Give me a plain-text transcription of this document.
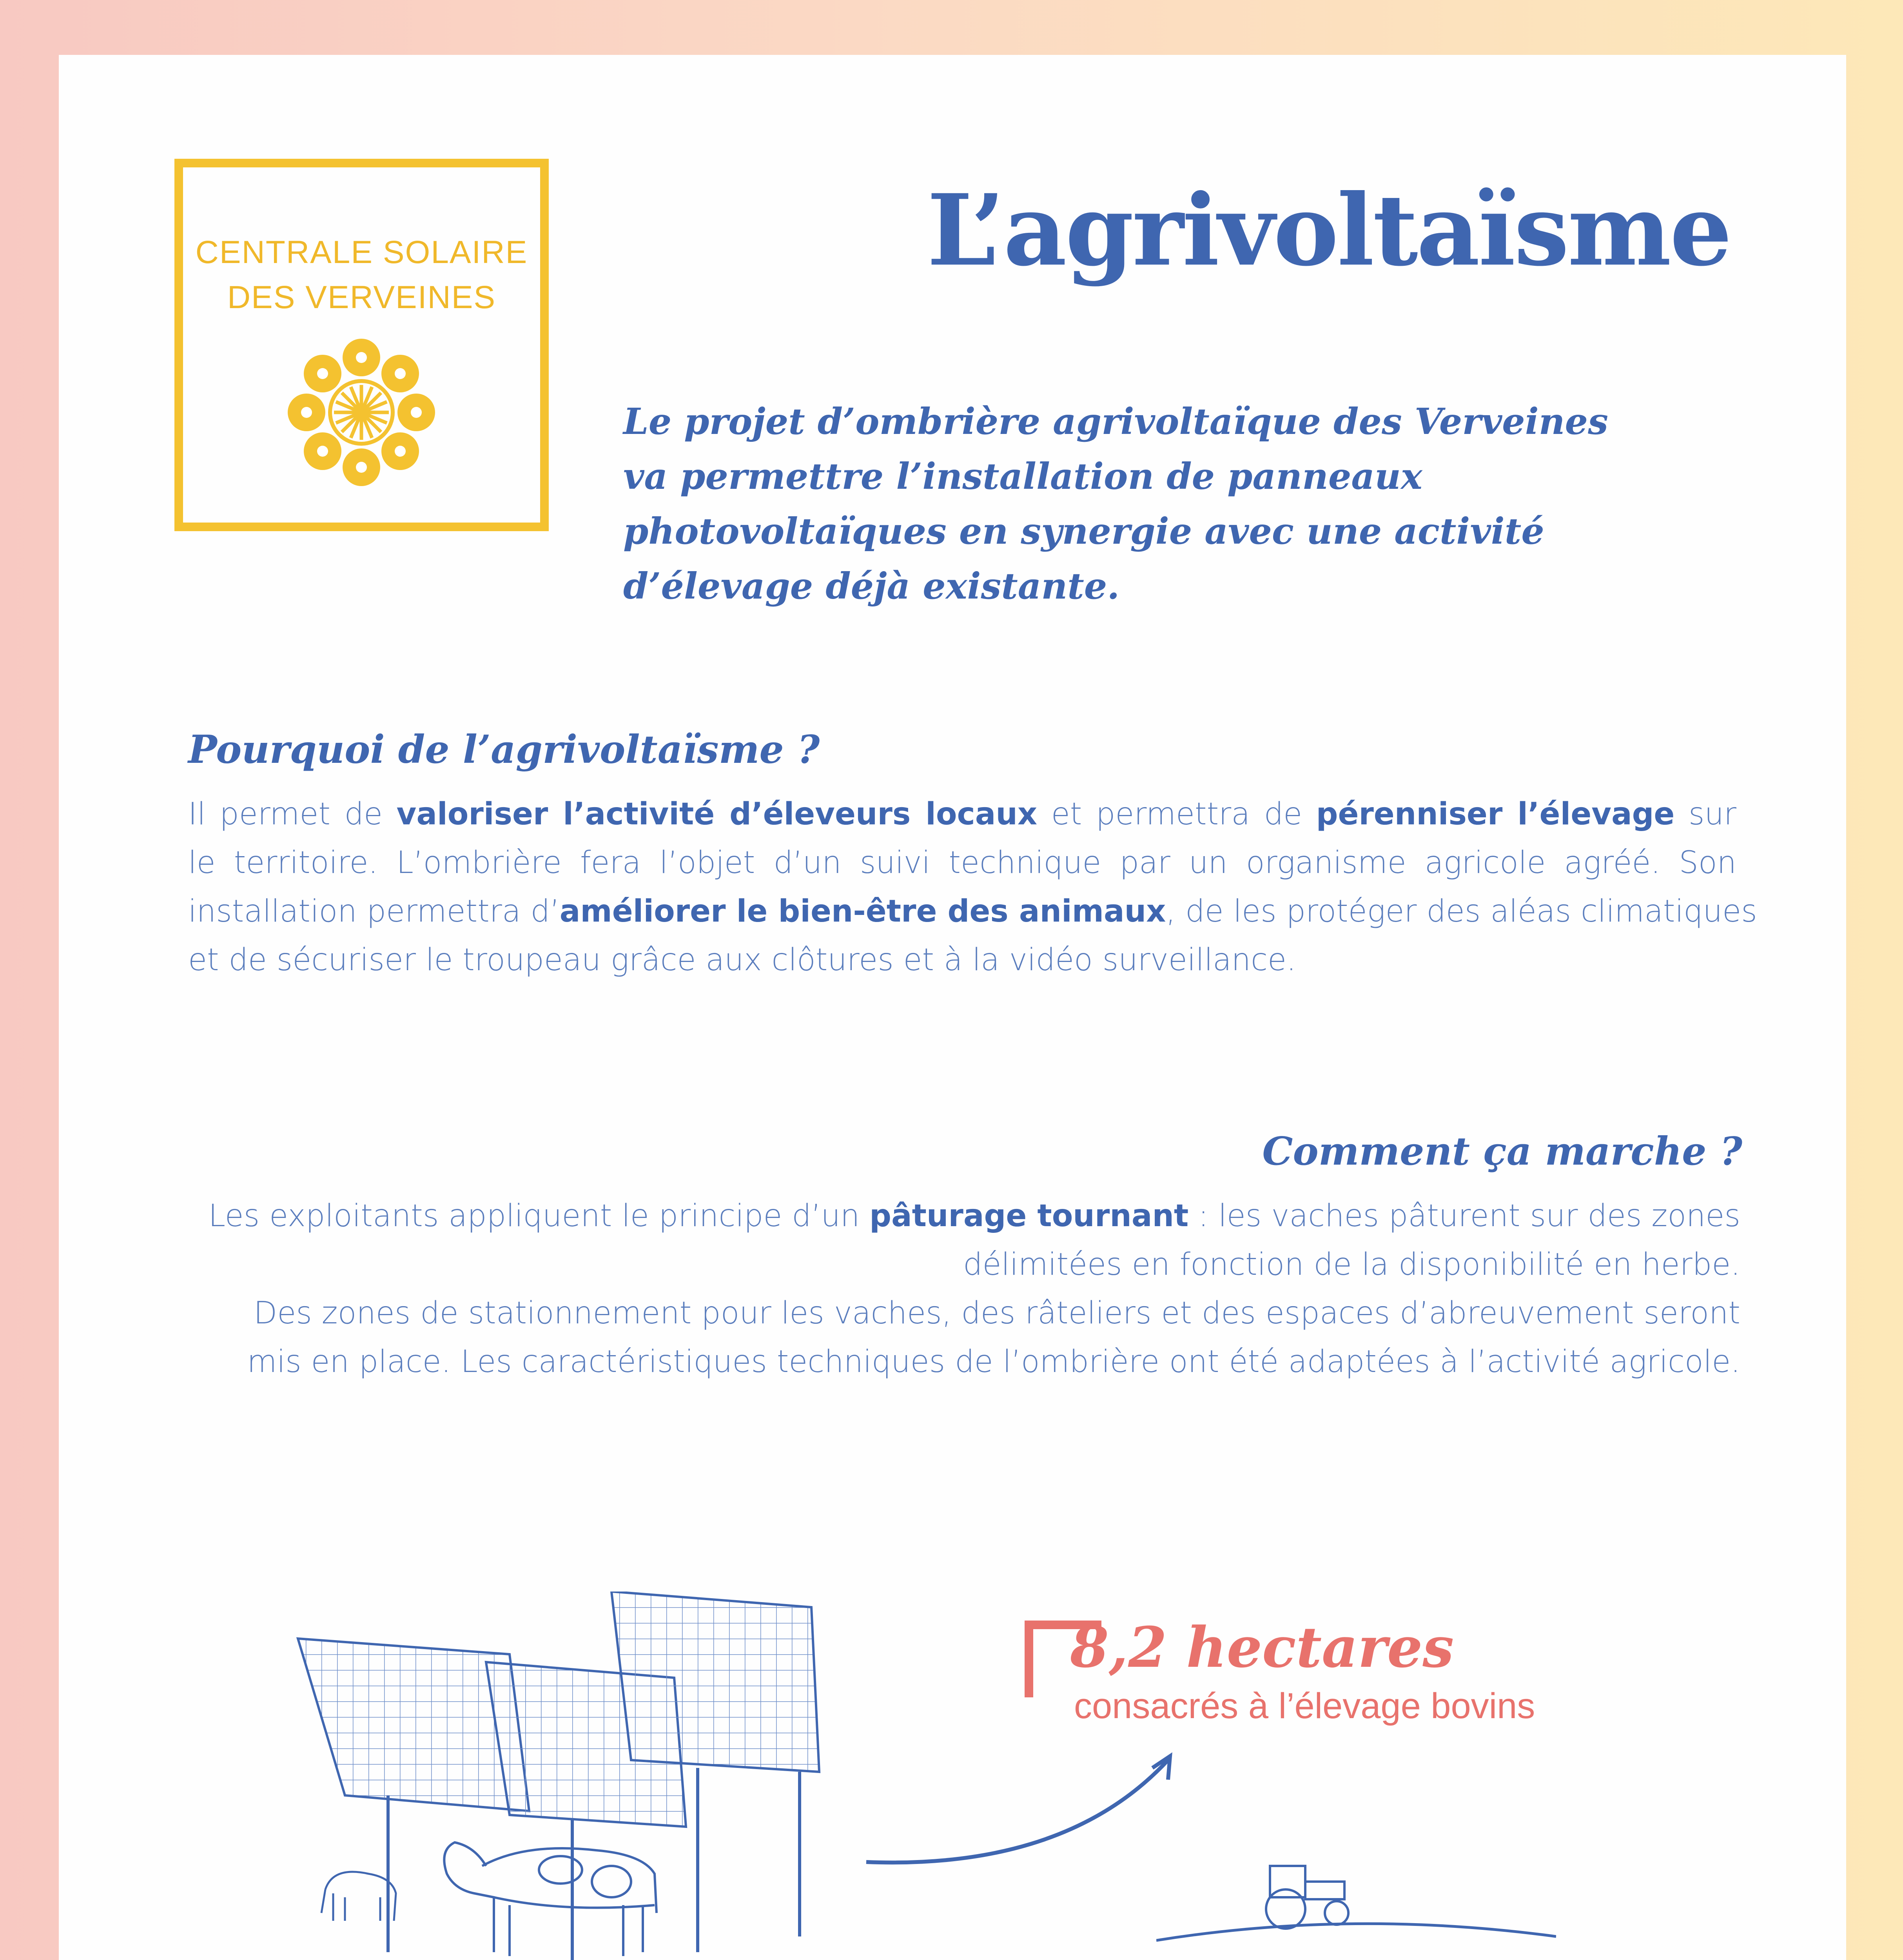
CENTRALE SOLAIRE
DES VERVEINES
L’agrivoltaïsme

Le projet d’ombrière agrivoltaïque des Verveines

va permettre l’installation de panneaux

photovoltaïques en synergie avec une activité

d’élevage déjà existante.

Pourquoi de l’agrivoltaïsme ?
Il permet de valoriser l’activité d’éleveurs locaux et permettra de pérenniser l’élevage sur
le territoire. L’ombrière fera l’objet d’un suivi technique par un organisme agricole agréé. Son
installation permettra d’améliorer le bien-être des animaux, de les protéger des aléas climatiques
et de sécuriser le troupeau grâce aux clôtures et à la vidéo surveillance.
Comment ça marche ?
Les exploitants appliquent le principe d’un pâturage tournant : les vaches pâturent sur des zones
délimitées en fonction de la disponibilité en herbe.
Des zones de stationnement pour les vaches, des râteliers et des espaces d’abreuvement seront
mis en place. Les caractéristiques techniques de l’ombrière ont été adaptées à l’activité agricole.
8,2 hectares
consacrés à l’élevage bovins
